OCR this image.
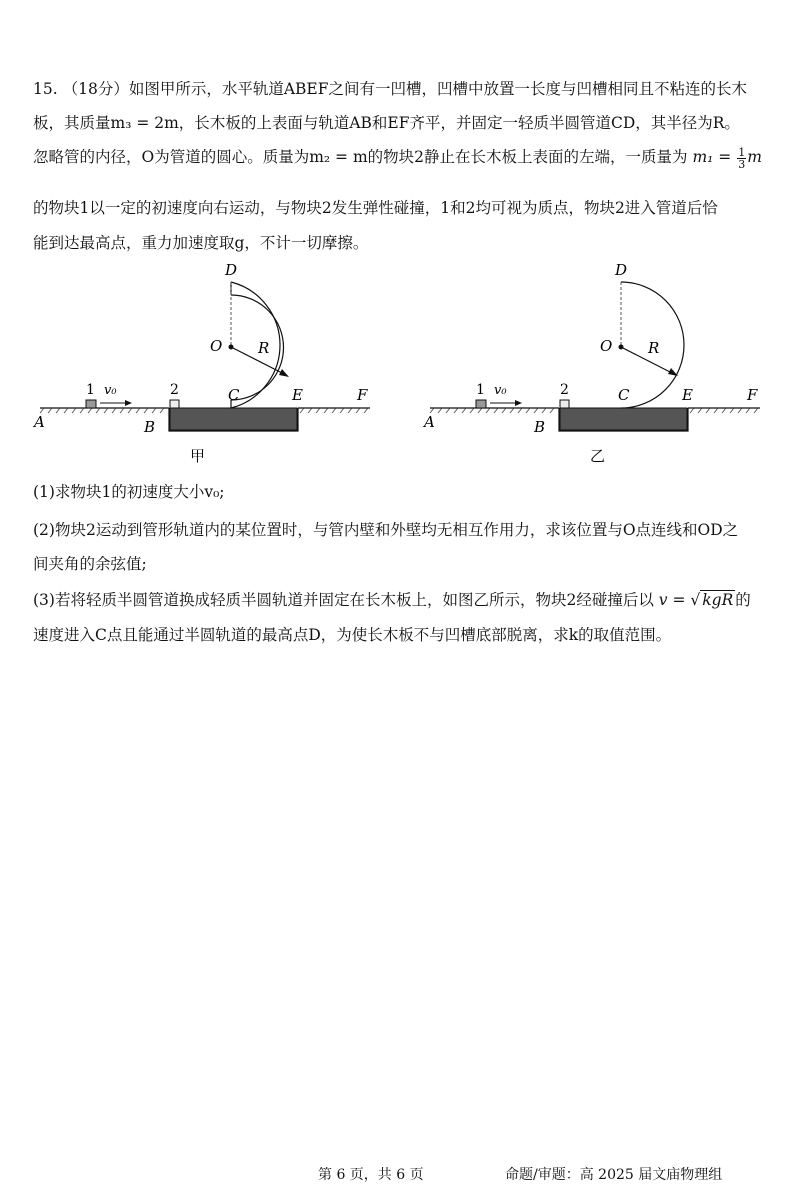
15. （18分）如图甲所示，水平轨道ABEF之间有一凹槽，凹槽中放置一长度与凹槽相同且不粘连的长木
板，其质量m₃ = 2m，长木板的上表面与轨道AB和EF齐平，并固定一轻质半圆管道CD，其半径为R。
忽略管的内径，O为管道的圆心。质量为m₂ = m的物块2静止在长木板上表面的左端，一质量为 $m_1 = \frac{1}{3}$ m
的物块1以一定的初速度向右运动，与物块2发生弹性碰撞，1和2均可视为质点，物块2进入管道后恰
能到达最高点，重力加速度取g，不计一切摩擦。
D
O R
C	E	F
A	B
1	2
v₀
甲
D
O R
C	E	F
A	B
1	2
v₀
乙
(1)求物块1的初速度大小v₀;
(2)物块2运动到管形轨道内的某位置时，与管内壁和外壁均无相互作用力，求该位置与O点连线和OD之
间夹角的余弦值;
(3)若将轻质半圆管道换成轻质半圆轨道并固定在长木板上，如图乙所示，物块2经碰撞后以 v = √ kgR 的
速度进入C点且能通过半圆轨道的最高点D，为使长木板不与凹槽底部脱离，求k的取值范围。
第 6 页，共 6 页	命题/审题：高 2025 届文庙物理组
